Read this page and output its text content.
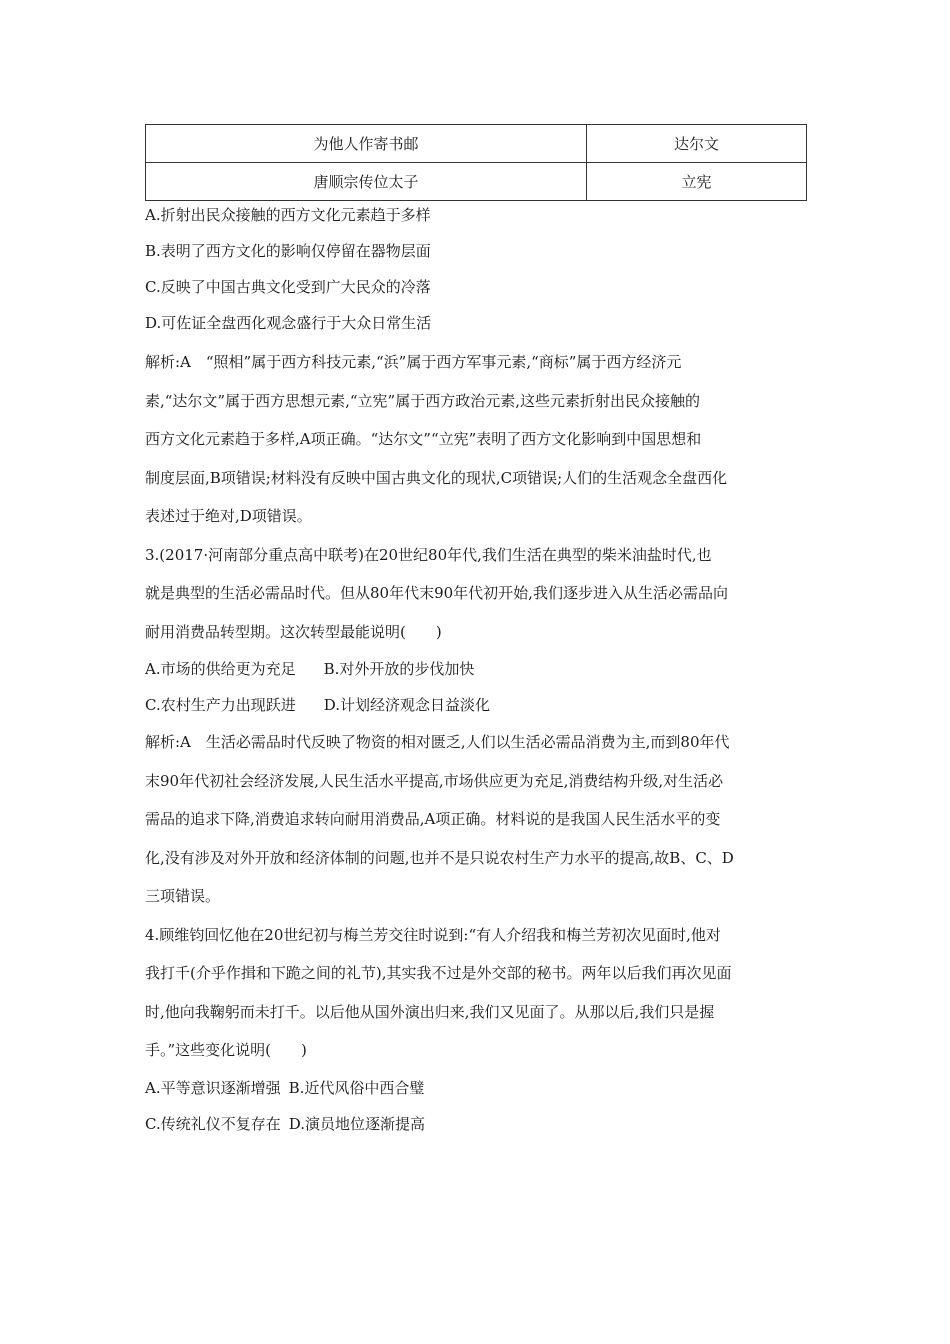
为他人作寄书邮	达尔文
唐顺宗传位太子	立宪
A.折射出民众接触的西方文化元素趋于多样
B.表明了西方文化的影响仅停留在器物层面
C.反映了中国古典文化受到广大民众的冷落
D.可佐证全盘西化观念盛行于大众日常生活
解析:A　“照相”属于西方科技元素,“浜”属于西方军事元素,“商标”属于西方经济元
素,“达尔文”属于西方思想元素,“立宪”属于西方政治元素,这些元素折射出民众接触的
西方文化元素趋于多样,A项正确。“达尔文”“立宪”表明了西方文化影响到中国思想和
制度层面,B项错误;材料没有反映中国古典文化的现状,C项错误;人们的生活观念全盘西化
表述过于绝对,D项错误。
3.(2017·河南部分重点高中联考)在20世纪80年代,我们生活在典型的柴米油盐时代,也
就是典型的生活必需品时代。但从80年代末90年代初开始,我们逐步进入从生活必需品向
耐用消费品转型期。这次转型最能说明(　　)
A.市场的供给更为充足 B.对外开放的步伐加快
C.农村生产力出现跃进 D.计划经济观念日益淡化
解析:A　生活必需品时代反映了物资的相对匮乏,人们以生活必需品消费为主,而到80年代
末90年代初社会经济发展,人民生活水平提高,市场供应更为充足,消费结构升级,对生活必
需品的追求下降,消费追求转向耐用消费品,A项正确。材料说的是我国人民生活水平的变
化,没有涉及对外开放和经济体制的问题,也并不是只说农村生产力水平的提高,故B、C、D
三项错误。
4.顾维钧回忆他在20世纪初与梅兰芳交往时说到:“有人介绍我和梅兰芳初次见面时,他对
我打千(介乎作揖和下跪之间的礼节),其实我不过是外交部的秘书。两年以后我们再次见面
时,他向我鞠躬而未打千。以后他从国外演出归来,我们又见面了。从那以后,我们只是握
手。”这些变化说明(　　)
A.平等意识逐渐增强 B.近代风俗中西合璧
C.传统礼仪不复存在 D.演员地位逐渐提高
